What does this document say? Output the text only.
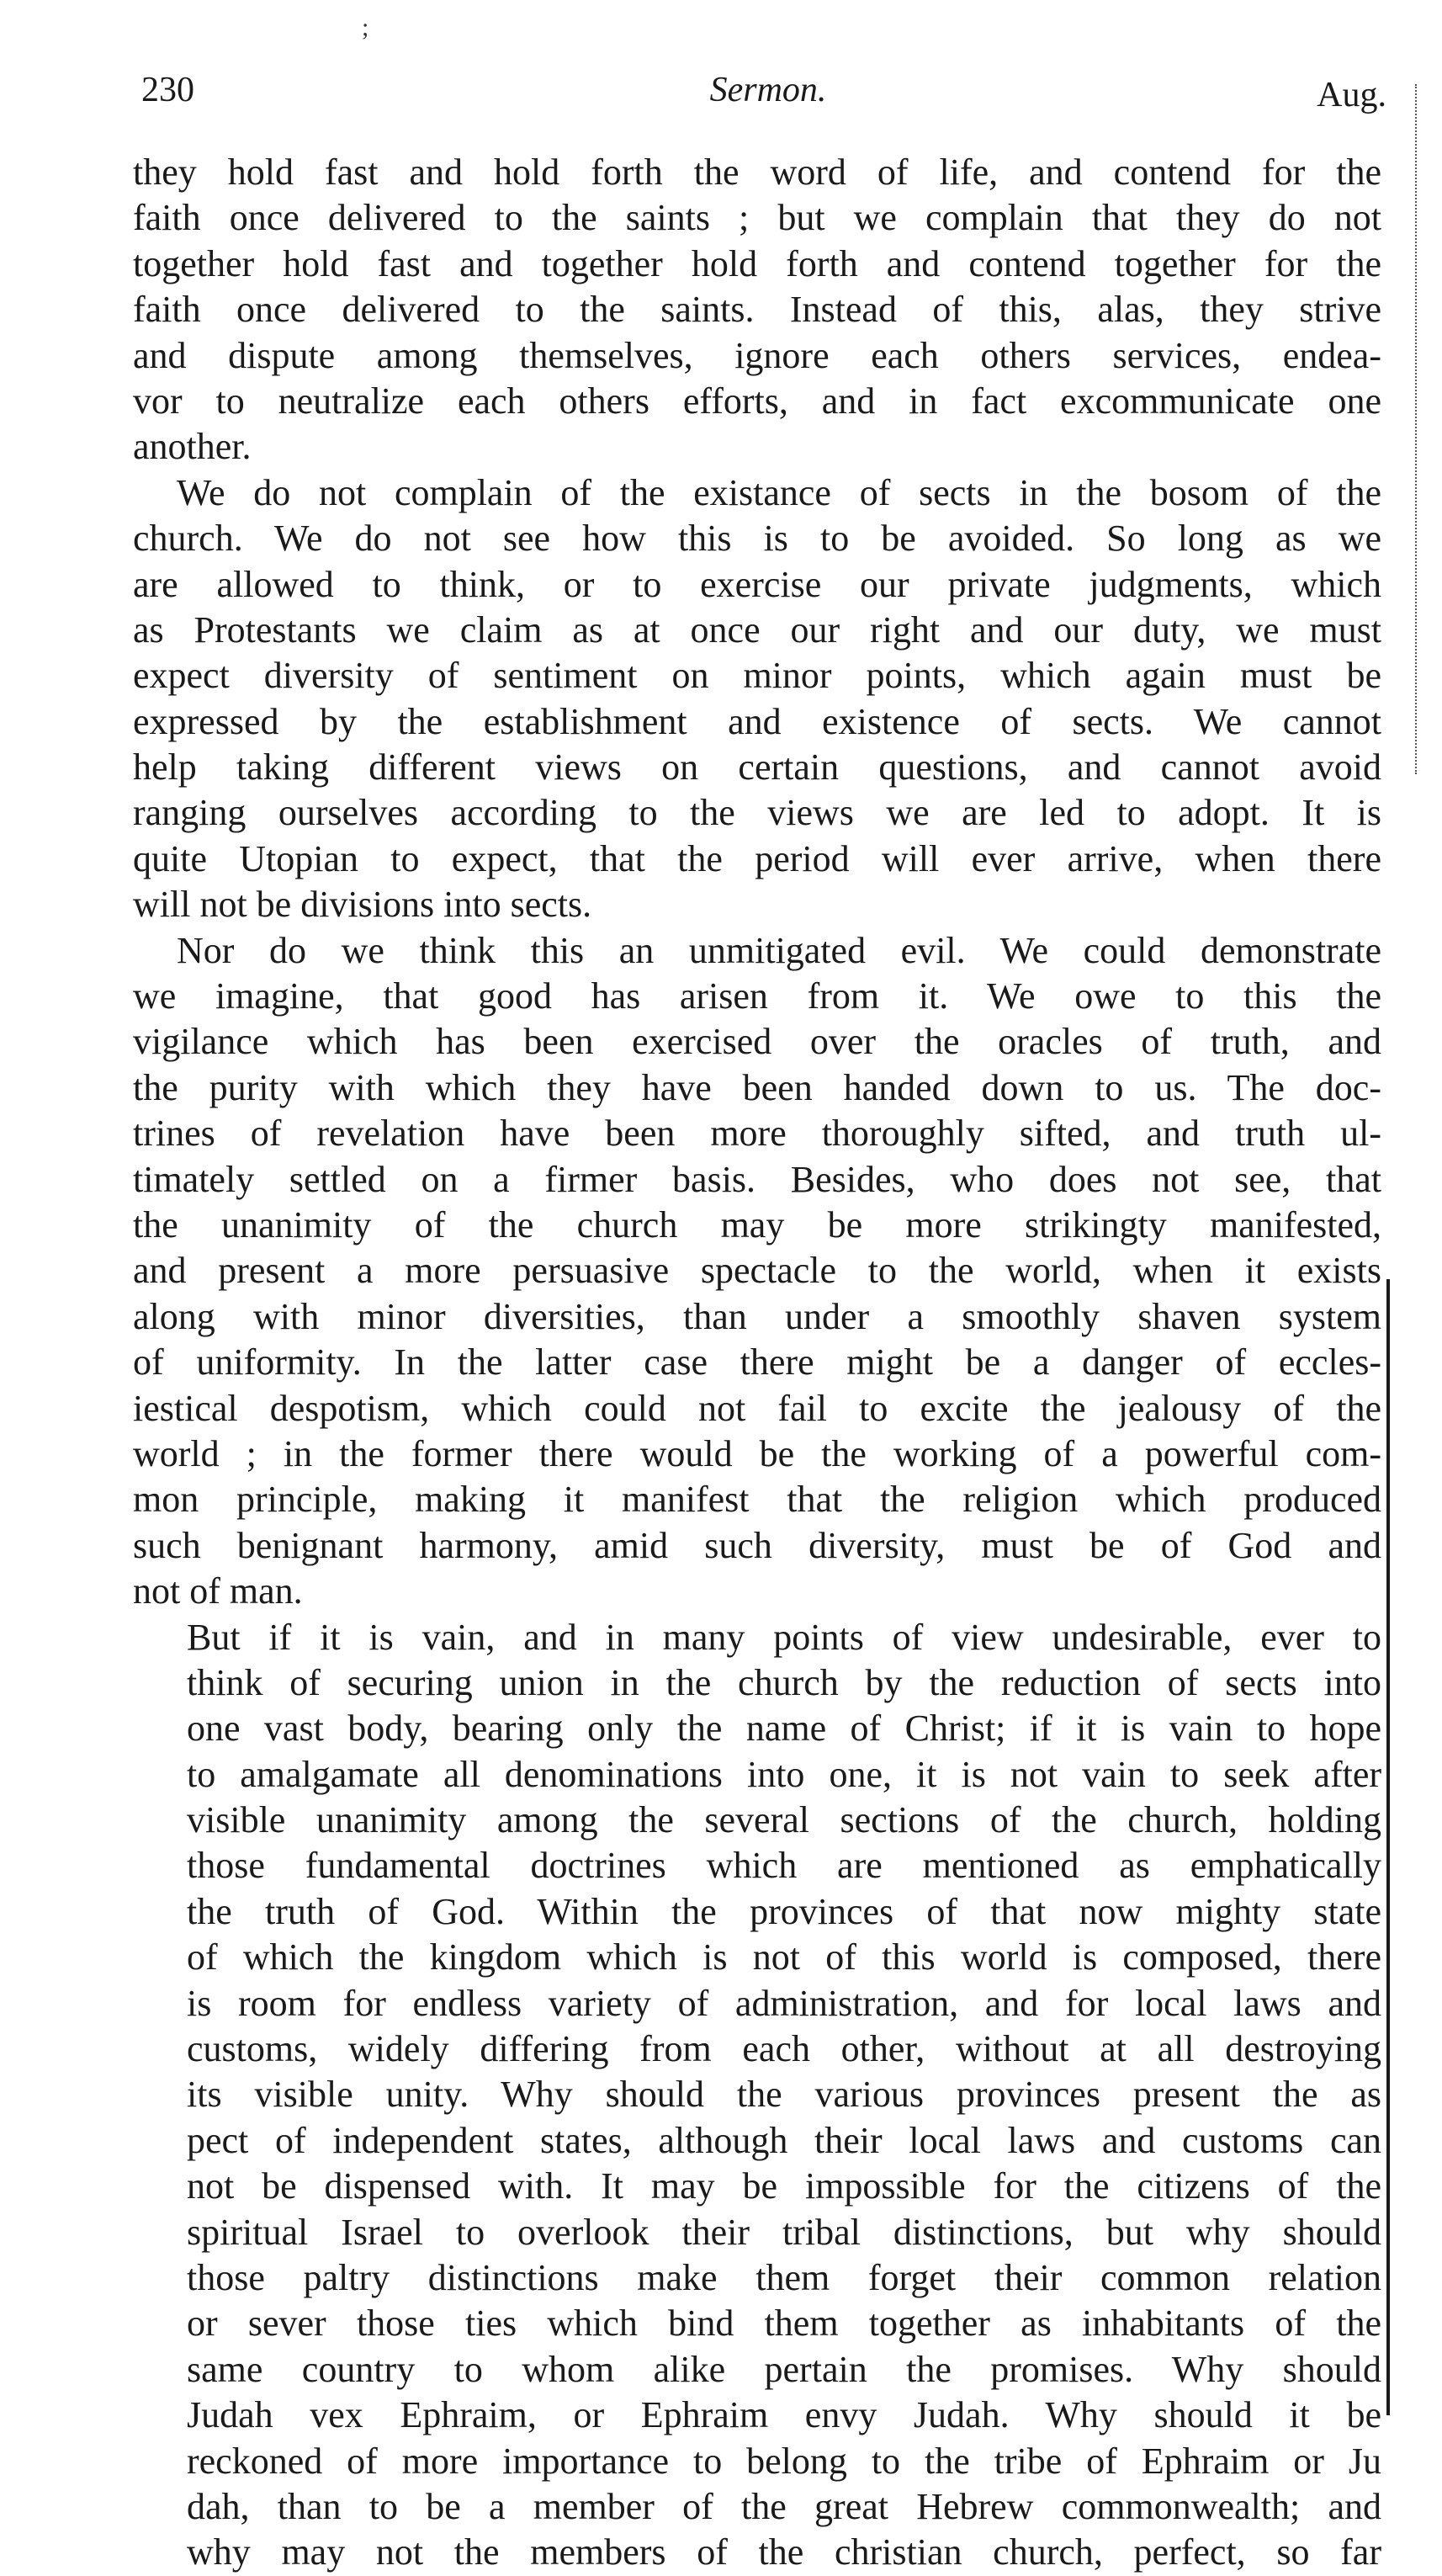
;
230	Sermon.	Aug.
they hold fast and hold forth the word of life, and contend for the
faith once delivered to the saints ; but we complain that they do not
together hold fast and together hold forth and contend together for the
faith once delivered to the saints. Instead of this, alas, they strive
and dispute among themselves, ignore each others services, endea-
vor to neutralize each others efforts, and in fact excommunicate one
another.
We do not complain of the existance of sects in the bosom of the
church. We do not see how this is to be avoided. So long as we
are allowed to think, or to exercise our private judgments, which
as Protestants we claim as at once our right and our duty, we must
expect diversity of sentiment on minor points, which again must be
expressed by the establishment and existence of sects. We cannot
help taking different views on certain questions, and cannot avoid
ranging ourselves according to the views we are led to adopt. It is
quite Utopian to expect, that the period will ever arrive, when there
will not be divisions into sects.
Nor do we think this an unmitigated evil. We could demonstrate
we imagine, that good has arisen from it. We owe to this the
vigilance which has been exercised over the oracles of truth, and
the purity with which they have been handed down to us. The doc-
trines of revelation have been more thoroughly sifted, and truth ul-
timately settled on a firmer basis. Besides, who does not see, that
the unanimity of the church may be more strikingty manifested,
and present a more persuasive spectacle to the world, when it exists
along with minor diversities, than under a smoothly shaven system
of uniformity. In the latter case there might be a danger of eccles-
iestical despotism, which could not fail to excite the jealousy of the
world ; in the former there would be the working of a powerful com-
mon principle, making it manifest that the religion which produced
such benignant harmony, amid such diversity, must be of God and
not of man.
But if it is vain, and in many points of view undesirable, ever to
think of securing union in the church by the reduction of sects into
one vast body, bearing only the name of Christ; if it is vain to hope
to amalgamate all denominations into one, it is not vain to seek after
visible unanimity among the several sections of the church, holding
those fundamental doctrines which are mentioned as emphatically
the truth of God. Within the provinces of that now mighty state
of which the kingdom which is not of this world is composed, there
is room for endless variety of administration, and for local laws and
customs, widely differing from each other, without at all destroying
its visible unity. Why should the various provinces present the as
pect of independent states, although their local laws and customs can
not be dispensed with. It may be impossible for the citizens of the
spiritual Israel to overlook their tribal distinctions, but why should
those paltry distinctions make them forget their common relation
or sever those ties which bind them together as inhabitants of the
same country to whom alike pertain the promises. Why should
Judah vex Ephraim, or Ephraim envy Judah. Why should it be
reckoned of more importance to belong to the tribe of Ephraim or Ju
dah, than to be a member of the great Hebrew commonwealth; and
why may not the members of the christian church, perfect, so far
